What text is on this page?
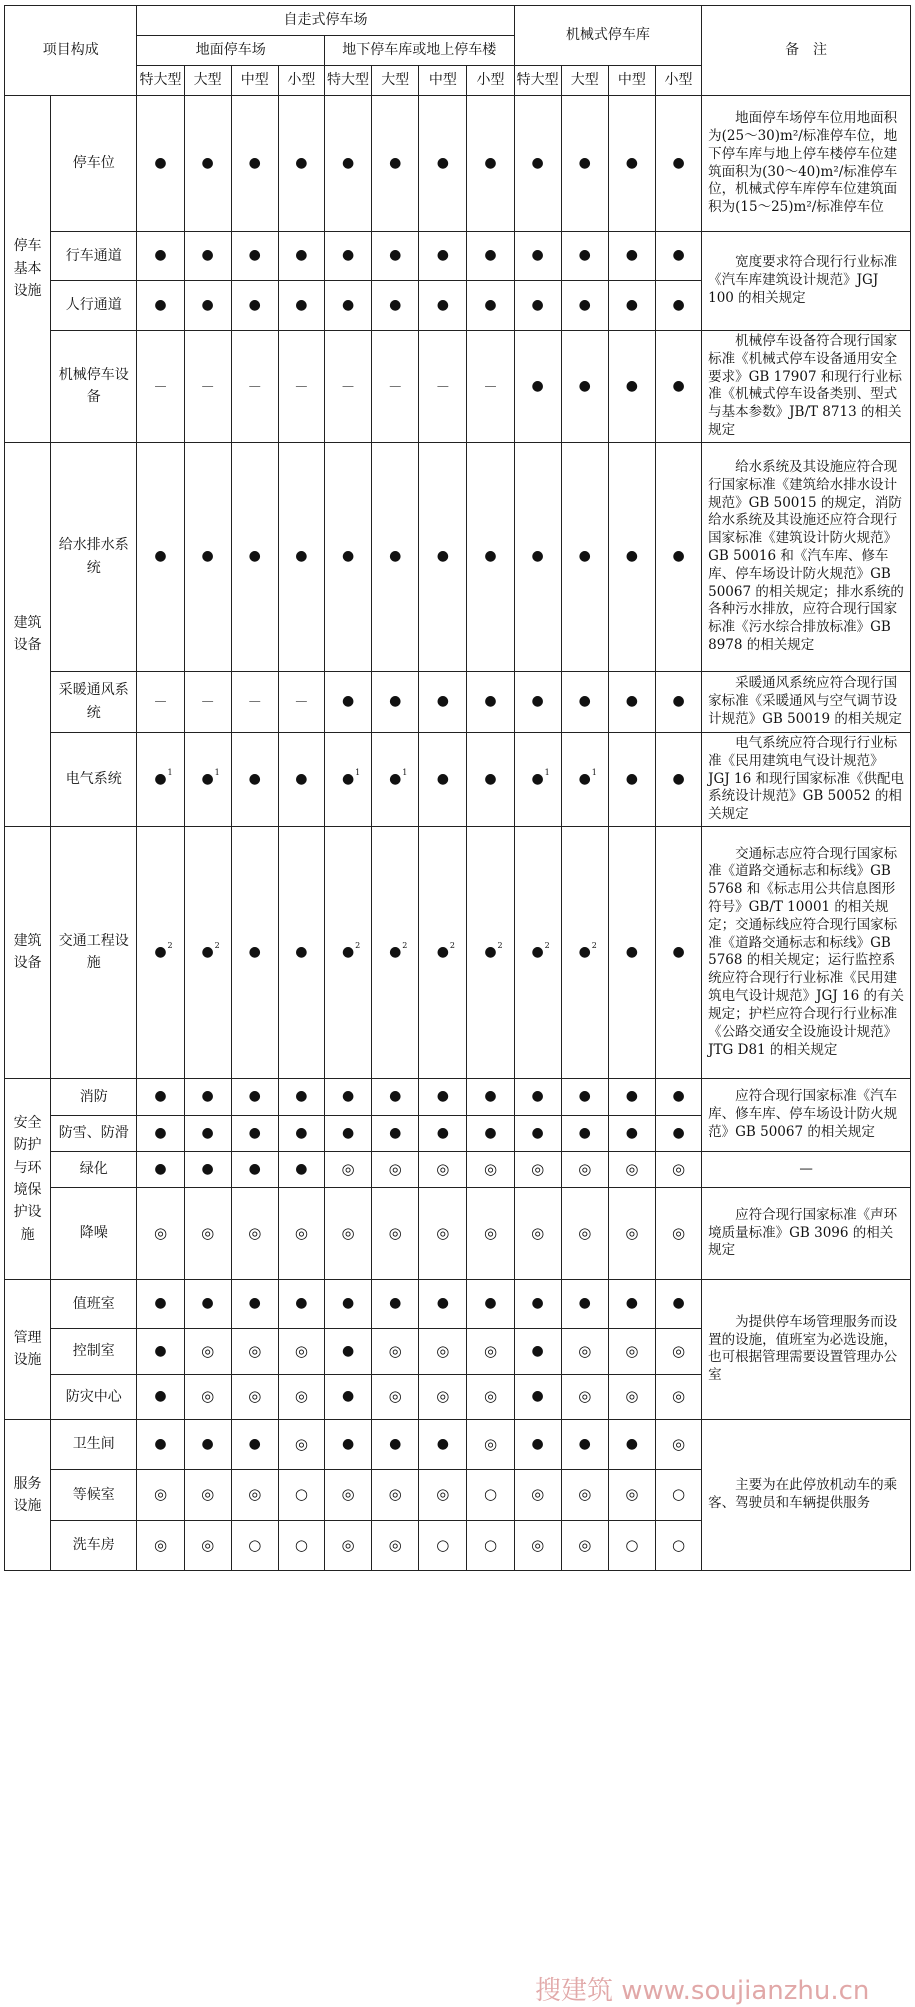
项目构成		自走式停车场								机械式停车库				备　注
		地面停车场				地下停车库或地上停车楼								
		特大型	大型	中型	小型	特大型	大型	中型	小型	特大型	大型	中型	小型	
停车基本设施	停车位	●	●	●	●	●	●	●	●	●	●	●	●	地面停车场停车位用地面积为(25～30)m²/标准停车位，地下停车库与地上停车楼停车位建筑面积为(30～40)m²/标准停车位，机械式停车库停车位建筑面积为(15～25)m²/标准停车位
	行车通道	●	●	●	●	●	●	●	●	●	●	●	●	宽度要求符合现行行业标准《汽车库建筑设计规范》JGJ 100 的相关规定
	人行通道	●	●	●	●	●	●	●	●	●	●	●	●	
	机械停车设备	—	—	—	—	—	—	—	—	●	●	●	●	机械停车设备符合现行国家标准《机械式停车设备通用安全要求》GB 17907 和现行行业标准《机械式停车设备类别、型式与基本参数》JB/T 8713 的相关规定
建筑设备	给水排水系统	●	●	●	●	●	●	●	●	●	●	●	●	给水系统及其设施应符合现行国家标准《建筑给水排水设计规范》GB 50015 的规定，消防给水系统及其设施还应符合现行国家标准《建筑设计防火规范》GB 50016 和《汽车库、修车库、停车场设计防火规范》GB 50067 的相关规定；排水系统的各种污水排放，应符合现行国家标准《污水综合排放标准》GB 8978 的相关规定
	采暖通风系统	—	—	—	—	●	●	●	●	●	●	●	●	采暖通风系统应符合现行国家标准《采暖通风与空气调节设计规范》GB 50019 的相关规定
	电气系统	● 1	● 1	●	●	● 1	● 1	●	●	● 1	● 1	●	●	电气系统应符合现行行业标准《民用建筑电气设计规范》JGJ 16 和现行国家标准《供配电系统设计规范》GB 50052 的相关规定
建筑设备	交通工程设施	● 2	● 2	●	●	● 2	● 2	● 2	● 2	● 2	● 2	●	●	交通标志应符合现行国家标准《道路交通标志和标线》GB 5768 和《标志用公共信息图形符号》GB/T 10001 的相关规定；交通标线应符合现行国家标准《道路交通标志和标线》GB 5768 的相关规定；运行监控系统应符合现行行业标准《民用建筑电气设计规范》JGJ 16 的有关规定；护栏应符合现行行业标准《公路交通安全设施设计规范》JTG D81 的相关规定
安全防护与环境保护设施	消防	●	●	●	●	●	●	●	●	●	●	●	●	应符合现行国家标准《汽车库、修车库、停车场设计防火规范》GB 50067 的相关规定
	防雪、防滑	●	●	●	●	●	●	●	●	●	●	●	●	
	绿化	●	●	●	●	◎	◎	◎	◎	◎	◎	◎	◎	—
	降噪	◎	◎	◎	◎	◎	◎	◎	◎	◎	◎	◎	◎	应符合现行国家标准《声环境质量标准》GB 3096 的相关规定
管理设施	值班室	●	●	●	●	●	●	●	●	●	●	●	●	为提供停车场管理服务而设置的设施，值班室为必选设施，也可根据管理需要设置管理办公室
	控制室	●	◎	◎	◎	●	◎	◎	◎	●	◎	◎	◎	
	防灾中心	●	◎	◎	◎	●	◎	◎	◎	●	◎	◎	◎	
服务设施	卫生间	●	●	●	◎	●	●	●	◎	●	●	●	◎	主要为在此停放机动车的乘客、驾驶员和车辆提供服务
	等候室	◎	◎	◎	○	◎	◎	◎	○	◎	◎	◎	○	
	洗车房	◎	◎	○	○	◎	◎	○	○	◎	◎	○	○	
搜建筑 www.soujianzhu.cn
